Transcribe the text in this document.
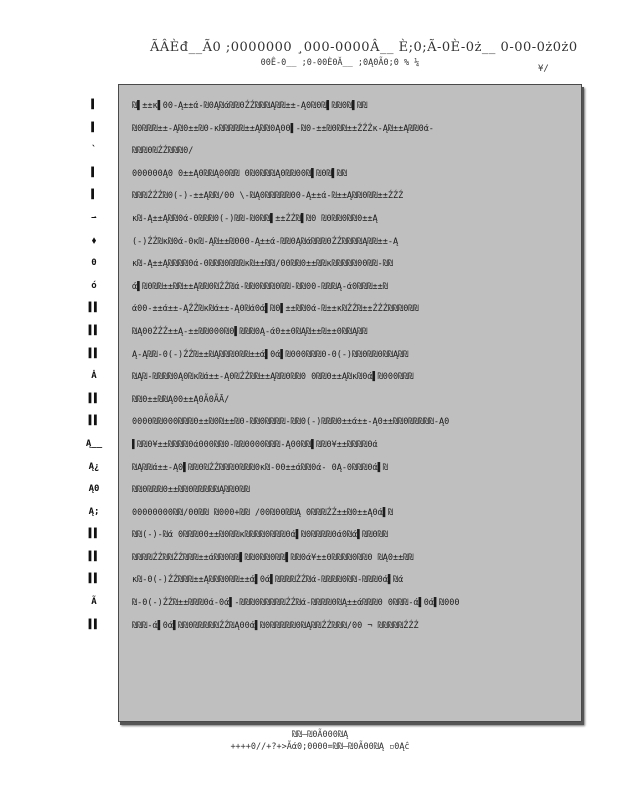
ÃÂÈđ__Ã0 ;0000000 ¸000-0000Â__ È;0;Ã-0È-0ż__ 0-00-0ż0ż0
00Ê-0__ ;0-00È0Ă__ ;0Ą0Ã0;0 % ¼
¥/
▌
▌
`
▌
▌
⇀
⬧
0
ó
▌▌
▌▌
▌▌
Ȧ
▌▌
▌▌
Ą__
Ą¿
Ą0
Ą;
▌▌
▌▌
▌▌
Ã
▌▌
₪▌±±ĸ▌00-Ą±±ά-₪0Ą₪ά₪₪0ŹŹ₪₪₪Ą₪₪±±-Ą0₪0₪▌₪₪0₪▌₪₪
₪0₪₪₪±±-Ą₪0±±₪0-ĸ₪₪₪₪₪±±Ą₪₪0Ą00▌-₪0-±±₪0₪₪±±ŹŹŹĸ-Ą₪±±Ą₪₪0ά-
₪₪₪0₪ŹŹ₪₪₪0/
000000Ą0 0±±Ą0₪₪Ą00₪₪ 0₪0₪₪₪Ą0₪₪00₪▌₪0₪▌₪₪
₪₪₪ŹŹŹ₪0(-)-±±Ą₪₪/00 \-₪Ą0₪₪₪₪₪00-Ą±±ά-₪±±Ą₪₪0₪₪±±ŹŹŹ
ĸ₪-Ą±±Ą₪₪0ά-0₪₪₪0(-)₪₪-₪0₪₪▌±±ŹŹ₪▌₪0 ₪0₪₪0₪₪0±±Ą
(-)ŹŹ₪ĸ₪0ά-0ĸ₪-Ą₪±±₪000-Ą±±ά-₪₪0Ą₪ά₪₪₪0ŹŹ₪₪₪₪Ą₪₪±±-Ą
ĸ₪-Ą±±Ą₪₪₪₪0ά-0₪₪₪0₪₪₪ĸ₪±±₪₪/00₪₪0±±₪₪ĸ₪₪₪₪₪00₪₪-₪₪
ά▌₪0₪₪±±₪₪±±Ą₪₪0₪ŹŹ₪ά-₪₪0₪₪₪0₪₪-₪₪00-₪₪₪Ą-ά0₪₪₪±±₪
ά00-±±ά±±-ĄŹŹ₪ĸ₪ά±±-Ą0₪ά0ά▌₪0▌±±₪₪0ά-₪±±ĸ₪ŹŹ₪±±ŹŹŹ₪₪₪0₪₪
₪Ą00ŹŹŹ±±Ą-±±₪₪000₪0▌₪₪₪0Ą-ά0±±0₪Ą₪±±₪±±0₪₪Ą₪₪
Ą-Ą₪₪-0(-)ŹŹ₪±±₪Ą₪₪₪0₪₪±±ά▌0ά▌₪000₪₪₪0-0(-)₪₪0₪₪0₪₪Ą₪₪
₪Ą₪-₪₪₪₪0Ą0₪ĸ₪ά±±-Ą0₪ŹŹ₪₪±±Ą₪₪0₪₪0 0₪₪0±±Ą₪ĸ₪0ά▌₪000₪₪₪
₪₪0±±₪₪Ą00±±Ą0Ã0ÃĀ/
0000₪₪000₪₪₪0±±₪0₪±±₪0-₪₪0₪₪₪₪-₪₪0(-)₪₪₪0±±ά±±-Ą0±±₪₪0₪₪₪₪₪-Ą0
▌₪₪0¥±±₪₪₪₪0ά000₪₪0-₪₪0000₪₪₪-Ą00₪₪▌₪₪0¥±±₪₪₪₪0ά
₪Ą₪₪ά±±-Ą0▌₪₪0₪ŹŹ₪₪₪0₪₪₪0ĸ₪-00±±ά₪₪0ά- 0Ą-0₪₪₪0ά▌₪
₪₪0₪₪₪0±±₪₪0₪₪₪₪₪Ą₪₪0₪₪
00000000₪₪/00₪₪ ₪000+₪₪ /00₪00₪₪Ą 0₪₪₪ŹŹ±±₪0±±Ą0ά▌₪
₪₪(-)-₪ά 0₪₪₪00±±₪0₪₪ĸ₪₪₪₪0₪₪₪0ά▌₪0₪₪₪₪0ά0₪ά▌₪₪0₪₪
₪₪₪₪ŹŹ₪₪ŹŹ₪₪₪±±ά₪₪0₪₪▌₪₪0₪₪0₪₪▌₪₪0ά¥±±0₪₪₪₪0₪₪0 ₪Ą0±±₪₪
ĸ₪-0(-)ŹŹ₪₪₪±±Ą₪₪₪0₪₪±±ά▌0ά▌₪₪₪₪ŹŹ₪ά-₪₪₪₪0₪₪-₪₪₪0ά▌₪ά
₪-0(-)ŹŹ₪±±₪₪₪0ά-0ά▌-₪₪₪0₪₪₪₪₪ŹŹ₪ά-₪₪₪₪0₪Ą±±ά₪₪₪0 0₪₪₪-ά▌0ά▌₪000
₪₪₪-ά▌0ά▌₪₪0₪₪₪₪₪ŹŹ₪Ą00ά▌₪0₪₪₪₪₪0₪Ą₪₪ŹŹ₪₪₪/00 ¬ ₪₪₪₪₪ŹŹŹ
₪₪—₪0Ã000₪Ą
++++0//+?+>Ãά0;0000=₪₪—₪0Ã00₪Ą ▫0Ąĉ
